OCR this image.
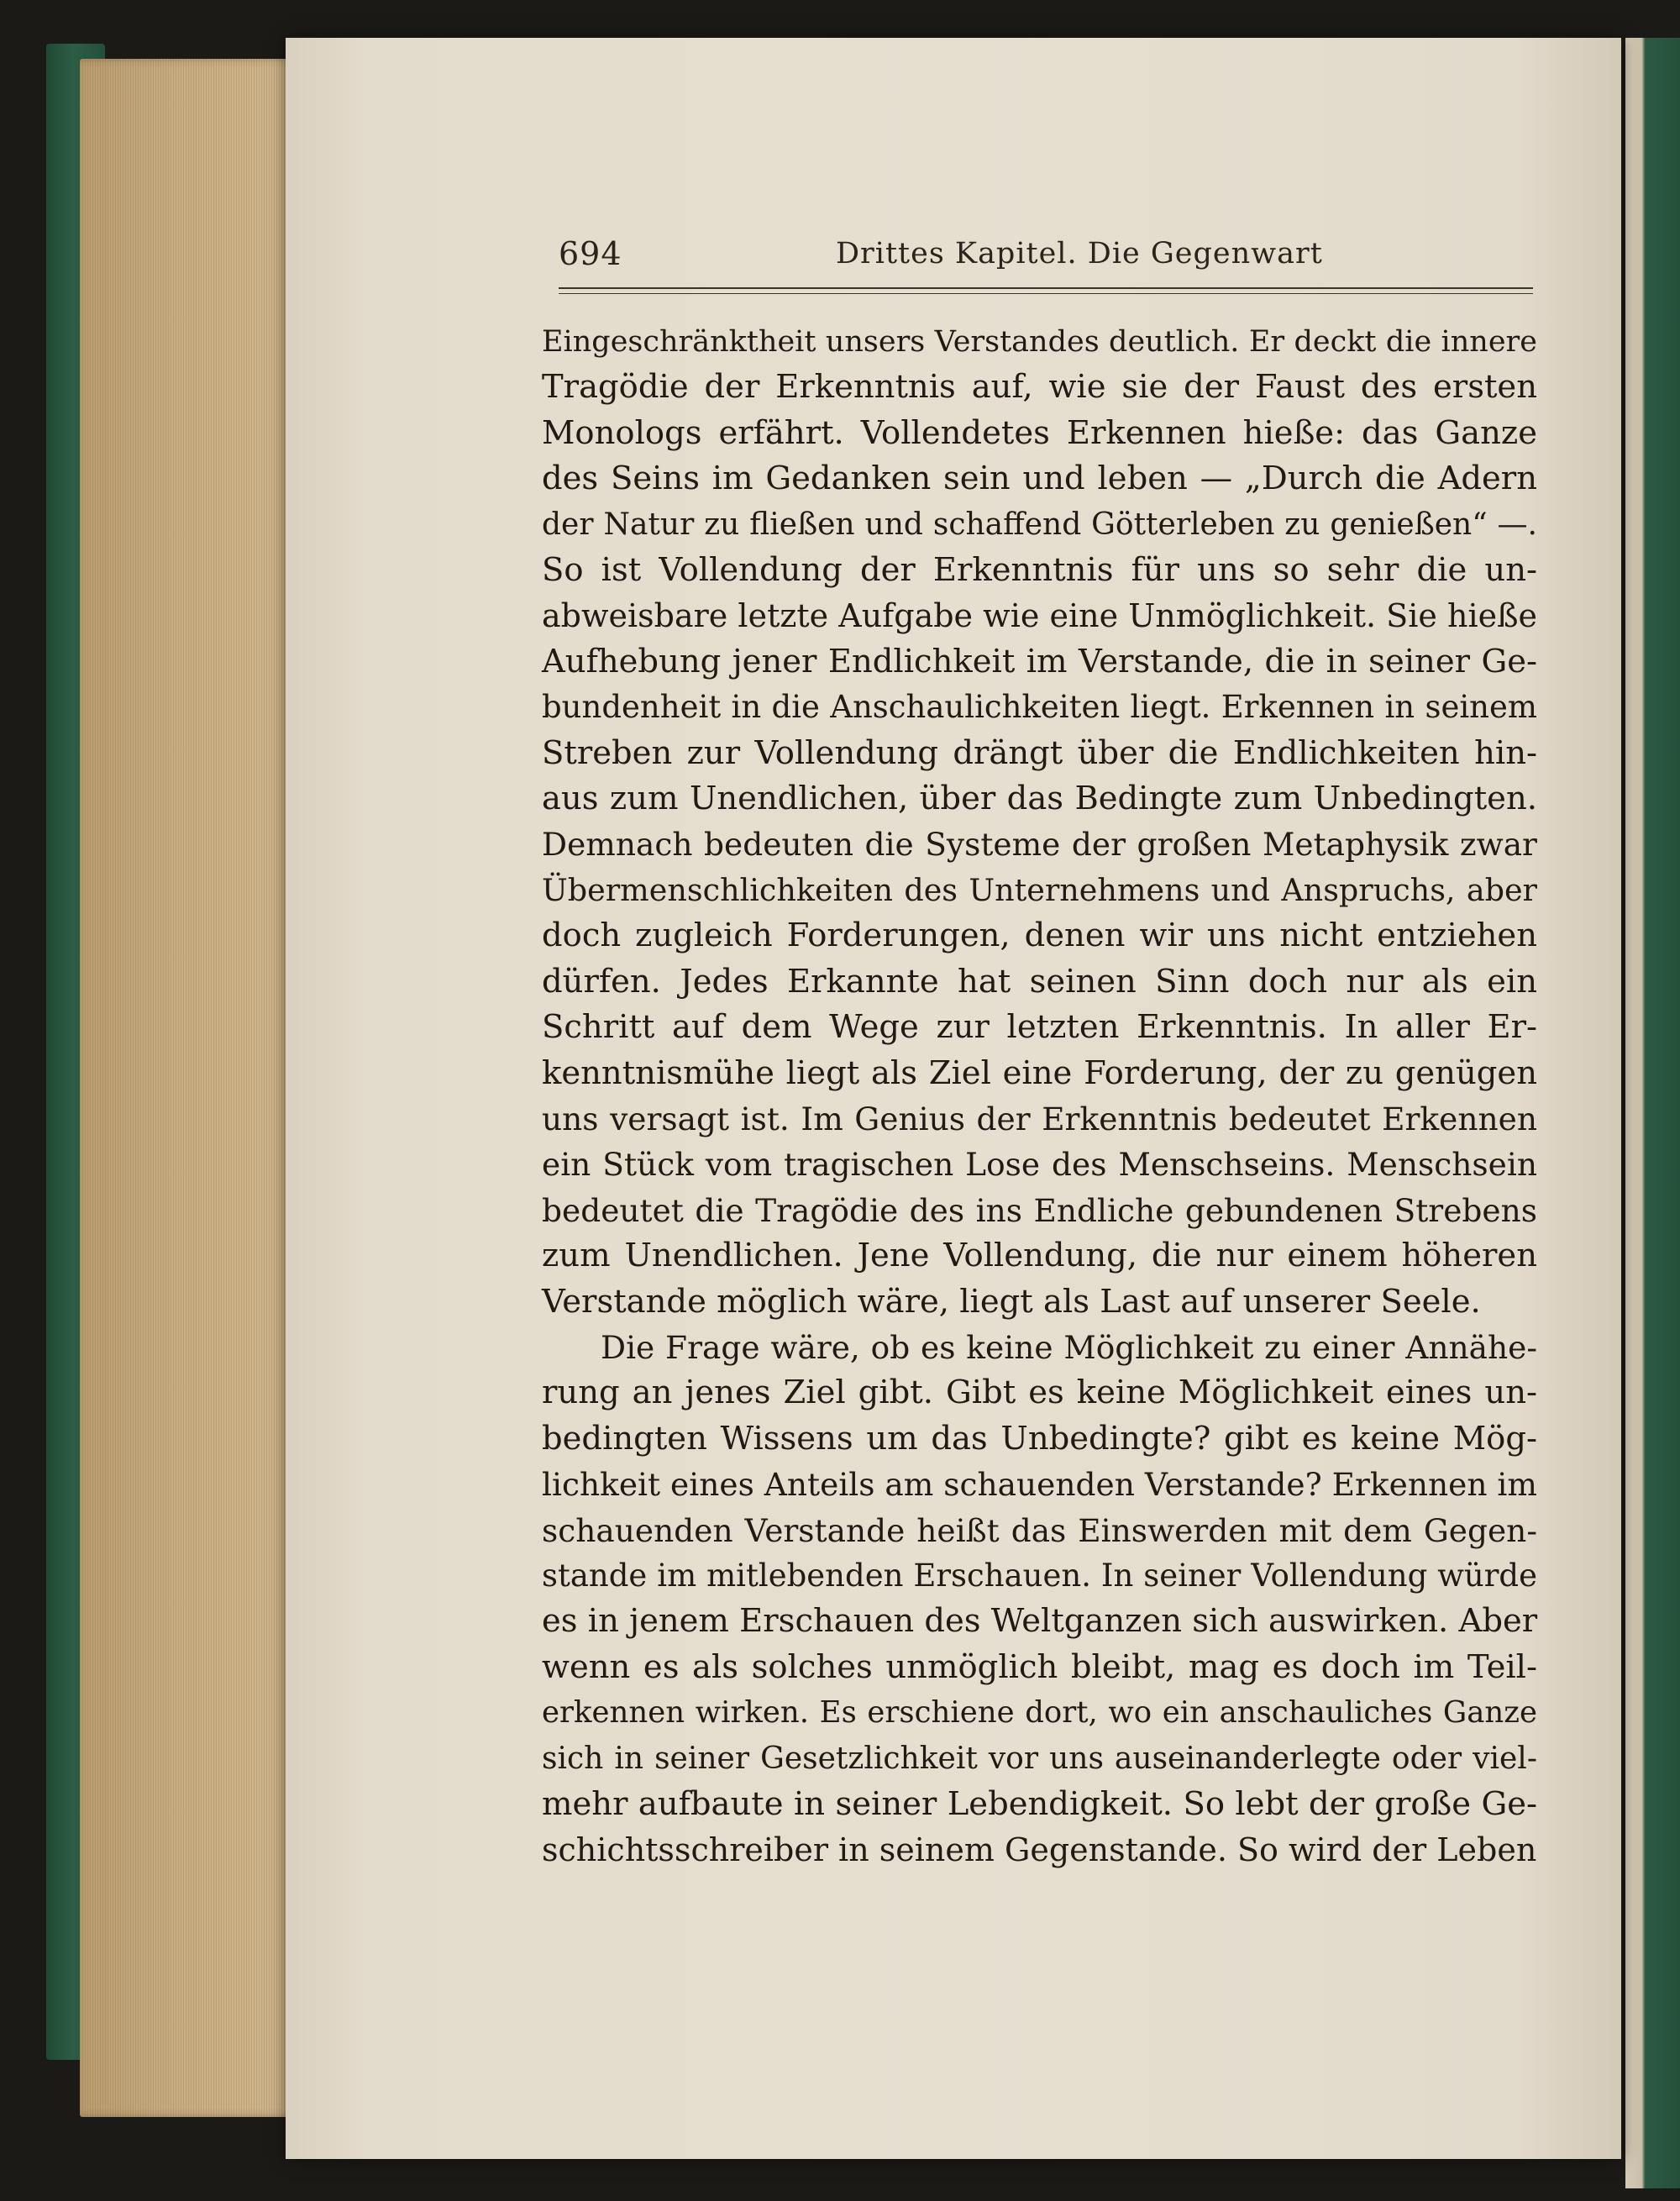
694	Drittes Kapitel. Die Gegenwart
Eingeschränktheit unsers Verstandes deutlich. Er deckt die innere
Tragödie der Erkenntnis auf, wie sie der Faust des ersten
Monologs erfährt. Vollendetes Erkennen hieße: das Ganze
des Seins im Gedanken sein und leben — „Durch die Adern
der Natur zu fließen und schaffend Götterleben zu genießen“ —.
So ist Vollendung der Erkenntnis für uns so sehr die un-
abweisbare letzte Aufgabe wie eine Unmöglichkeit. Sie hieße
Aufhebung jener Endlichkeit im Verstande, die in seiner Ge-
bundenheit in die Anschaulichkeiten liegt. Erkennen in seinem
Streben zur Vollendung drängt über die Endlichkeiten hin-
aus zum Unendlichen, über das Bedingte zum Unbedingten.
Demnach bedeuten die Systeme der großen Metaphysik zwar
Übermenschlichkeiten des Unternehmens und Anspruchs, aber
doch zugleich Forderungen, denen wir uns nicht entziehen
dürfen. Jedes Erkannte hat seinen Sinn doch nur als ein
Schritt auf dem Wege zur letzten Erkenntnis. In aller Er-
kenntnismühe liegt als Ziel eine Forderung, der zu genügen
uns versagt ist. Im Genius der Erkenntnis bedeutet Erkennen
ein Stück vom tragischen Lose des Menschseins. Menschsein
bedeutet die Tragödie des ins Endliche gebundenen Strebens
zum Unendlichen. Jene Vollendung, die nur einem höheren
Verstande möglich wäre, liegt als Last auf unserer Seele.
Die Frage wäre, ob es keine Möglichkeit zu einer Annähe-
rung an jenes Ziel gibt. Gibt es keine Möglichkeit eines un-
bedingten Wissens um das Unbedingte? gibt es keine Mög-
lichkeit eines Anteils am schauenden Verstande? Erkennen im
schauenden Verstande heißt das Einswerden mit dem Gegen-
stande im mitlebenden Erschauen. In seiner Vollendung würde
es in jenem Erschauen des Weltganzen sich auswirken. Aber
wenn es als solches unmöglich bleibt, mag es doch im Teil-
erkennen wirken. Es erschiene dort, wo ein anschauliches Ganze
sich in seiner Gesetzlichkeit vor uns auseinanderlegte oder viel-
mehr aufbaute in seiner Lebendigkeit. So lebt der große Ge-
schichtsschreiber in seinem Gegenstande. So wird der Leben
